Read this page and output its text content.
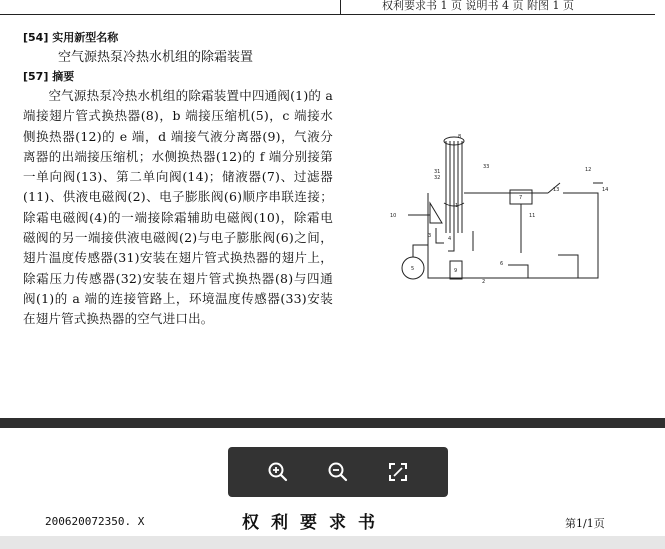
权利要求书 1 页 说明书 4 页 附图 1 页
[54] 实用新型名称
空气源热泵冷热水机组的除霜装置
[57] 摘要

　　空气源热泵冷热水机组的除霜装置中四通阀(1)的 a 端接翅片管式换热器(8)，b 端接压缩机(5)，c 端接水侧换热器(12)的 e 端，d 端接气液分离器(9)，气液分离器的出端接压缩机；水侧换热器(12)的 f 端分别接第一单向阀(13)、第二单向阀(14)；储液器(7)、过滤器(11)、供液电磁阀(2)、电子膨胀阀(6)顺序串联连接；除霜电磁阀(4)的一端接除霜辅助电磁阀(10)，除霜电磁阀的另一端接供液电磁阀(2)与电子膨胀阀(6)之间，翅片温度传感器(31)安装在翅片管式换热器的翅片上，除霜压力传感器(32)安装在翅片管式换热器(8)与四通阀(1)的 a 端的连接管路上，环境温度传感器(33)安装在翅片管式换热器的空气进口出。

8
33
31
32
12
13	14
7
1
11
10
3	4
6
5	9
2
200620072350. X	权利要求书	第1/1页
